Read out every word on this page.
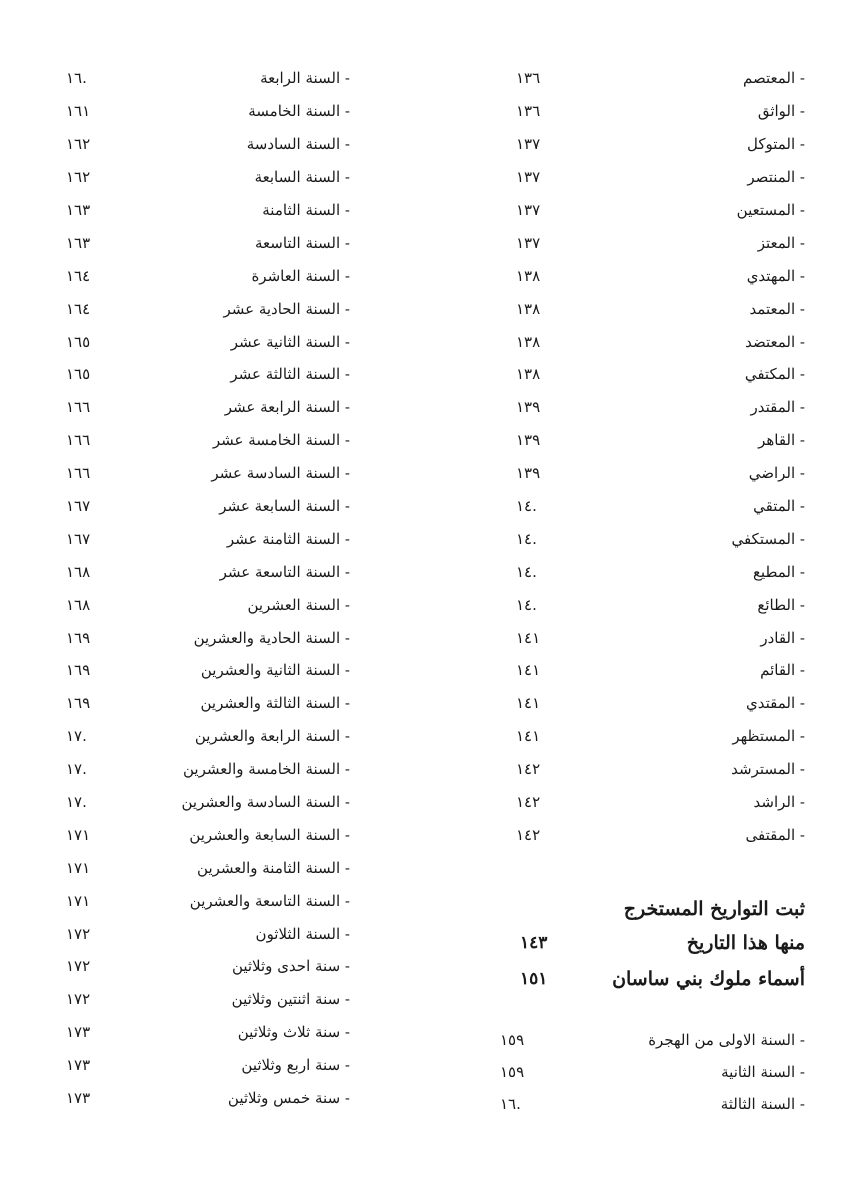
١٣٦	- المعتصم
١٣٦	- الواثق
١٣٧	- المتوكل
١٣٧	- المنتصر
١٣٧	- المستعين
١٣٧	- المعتز
١٣٨	- المهتدي
١٣٨	- المعتمد
١٣٨	- المعتضد
١٣٨	- المكتفي
١٣٩	- المقتدر
١٣٩	- القاهر
١٣٩	- الراضي
١٤.	- المتقي
١٤.	- المستكفي
١٤.	- المطيع
١٤.	- الطائع
١٤١	- القادر
١٤١	- القائم
١٤١	- المقتدي
١٤١	- المستظهر
١٤٢	- المسترشد
١٤٢	- الراشد
١٤٢	- المقتفى
ثبت التواريخ المستخرج
١٤٣	منها هذا التاريخ
١٥١	أسماء ملوك بني ساسان
١٥٩	- السنة الاولى من الهجرة
١٥٩	- السنة الثانية
١٦.	- السنة الثالثة
١٦.	- السنة الرابعة
١٦١	- السنة الخامسة
١٦٢	- السنة السادسة
١٦٢	- السنة السابعة
١٦٣	- السنة الثامنة
١٦٣	- السنة التاسعة
١٦٤	- السنة العاشرة
١٦٤	- السنة الحادية عشر
١٦٥	- السنة الثانية عشر
١٦٥	- السنة الثالثة عشر
١٦٦	- السنة الرابعة عشر
١٦٦	- السنة الخامسة عشر
١٦٦	- السنة السادسة عشر
١٦٧	- السنة السابعة عشر
١٦٧	- السنة الثامنة عشر
١٦٨	- السنة التاسعة عشر
١٦٨	- السنة العشرين
١٦٩	- السنة الحادية والعشرين
١٦٩	- السنة الثانية والعشرين
١٦٩	- السنة الثالثة والعشرين
١٧.	- السنة الرابعة والعشرين
١٧.	- السنة الخامسة والعشرين
١٧.	- السنة السادسة والعشرين
١٧١	- السنة السابعة والعشرين
١٧١	- السنة الثامنة والعشرين
١٧١	- السنة التاسعة والعشرين
١٧٢	- السنة الثلاثون
١٧٢	- سنة احدى وثلاثين
١٧٢	- سنة اثنتين وثلاثين
١٧٣	- سنة ثلاث وثلاثين
١٧٣	- سنة اربع وثلاثين
١٧٣	- سنة خمس وثلاثين
